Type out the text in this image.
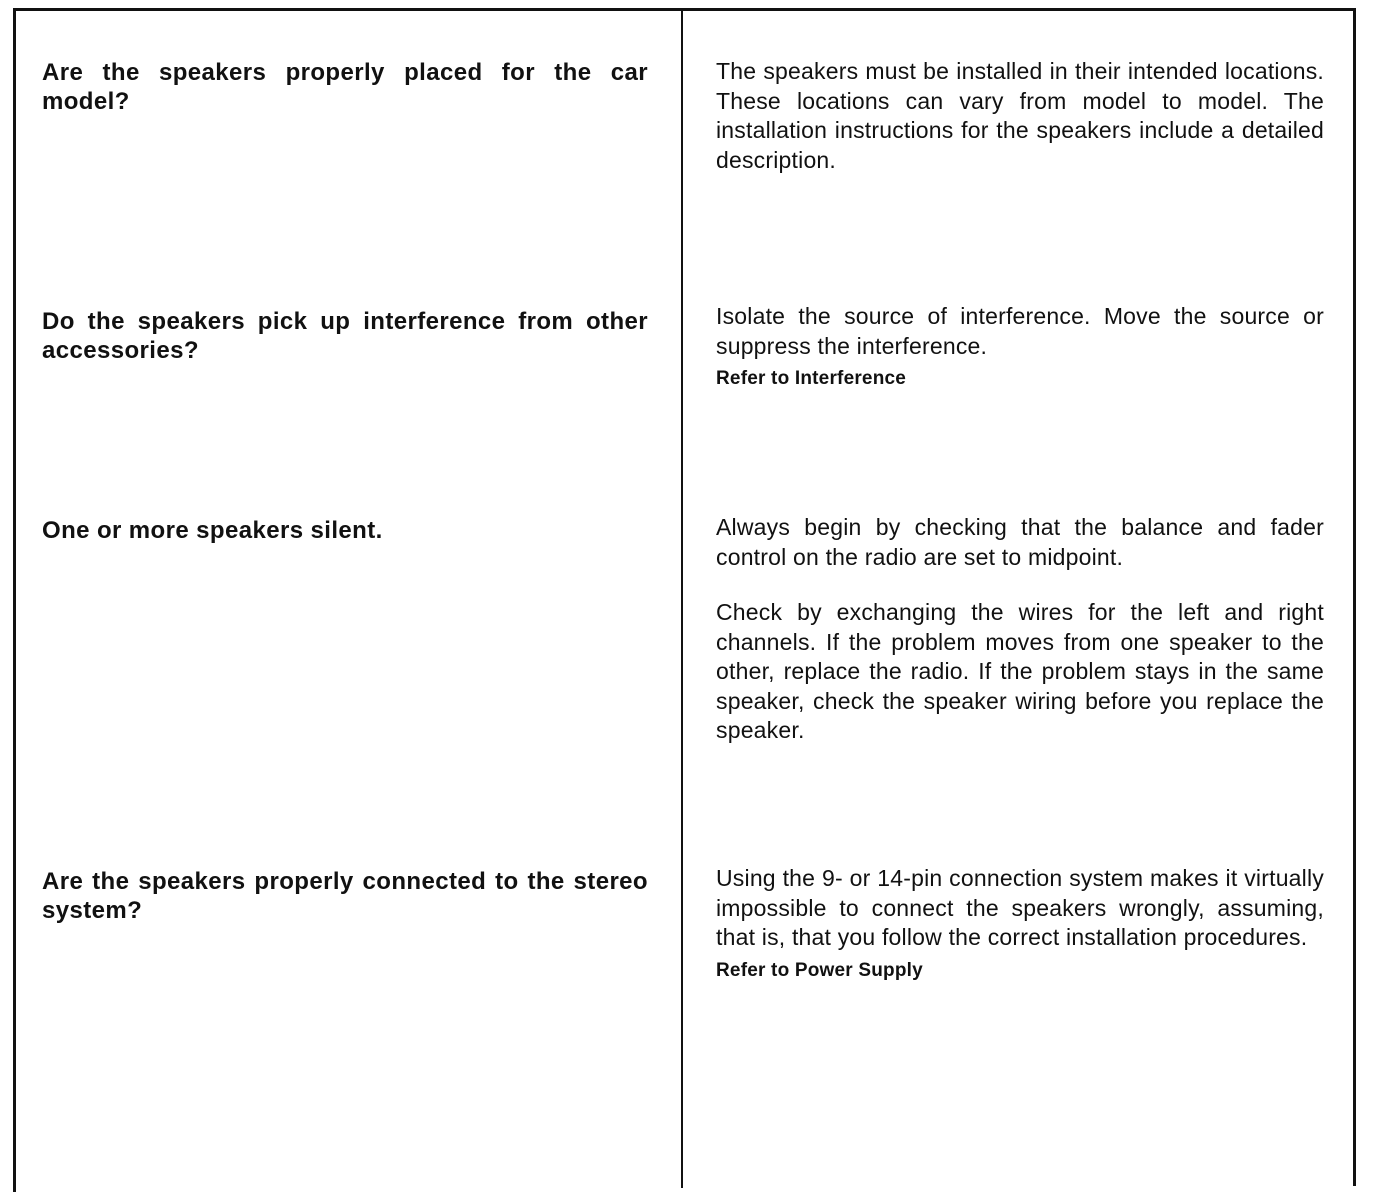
Are the speakers properly placed for the car model?

The speakers must be installed in their intended locations. These locations can vary from model to model. The installation instructions for the speakers include a detailed description.

Do the speakers pick up interference from other accessories?

Isolate the source of interference. Move the source or suppress the interference.

Refer to Interference
One or more speakers silent.	Always begin by checking that the balance and fader control on the radio are set to midpoint.

Check by exchanging the wires for the left and right channels. If the problem moves from one speaker to the other, replace the radio. If the problem stays in the same speaker, check the speaker wiring before you replace the speaker.

Are the speakers properly connected to the stereo system?

Using the 9- or 14-pin connection system makes it virtually impossible to connect the speakers wrongly, assuming, that is, that you follow the correct installation procedures.

Refer to Power Supply
